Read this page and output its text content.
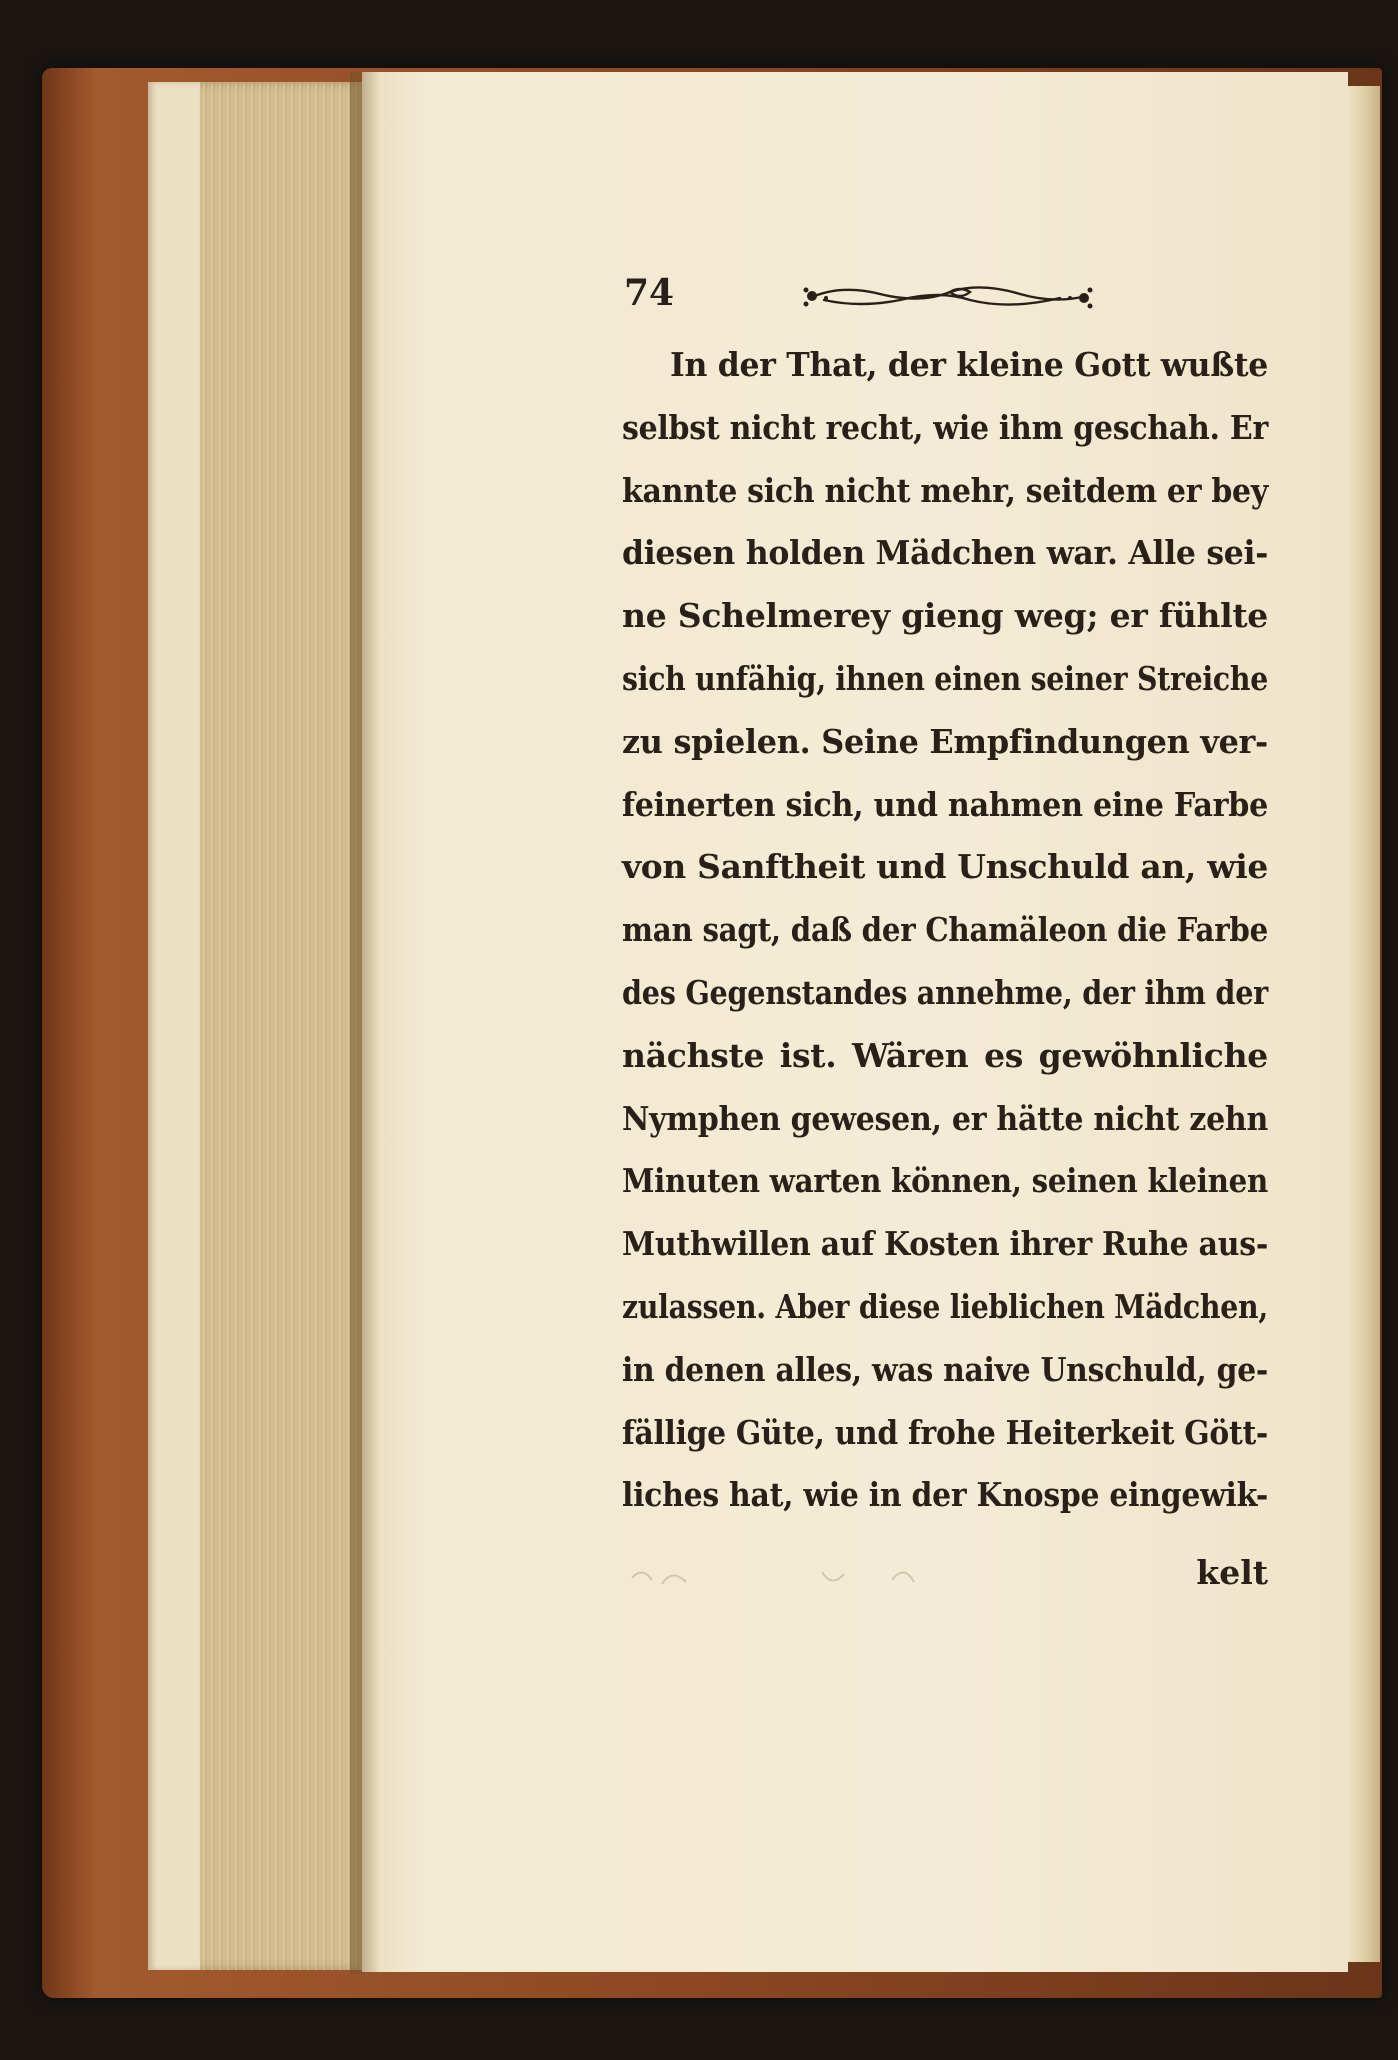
74
In der That, der kleine Gott wußte
selbst nicht recht, wie ihm geschah. Er
kannte sich nicht mehr, seitdem er bey
diesen holden Mädchen war. Alle sei-
ne Schelmerey gieng weg; er fühlte
sich unfähig, ihnen einen seiner Streiche
zu spielen. Seine Empfindungen ver-
feinerten sich, und nahmen eine Farbe
von Sanftheit und Unschuld an, wie
man sagt, daß der Chamäleon die Farbe
des Gegenstandes annehme, der ihm der
nächste ist. Wären es gewöhnliche
Nymphen gewesen, er hätte nicht zehn
Minuten warten können, seinen kleinen
Muthwillen auf Kosten ihrer Ruhe aus-
zulassen. Aber diese lieblichen Mädchen,
in denen alles, was naive Unschuld, ge-
fällige Güte, und frohe Heiterkeit Gött-
liches hat, wie in der Knospe eingewik-
kelt
